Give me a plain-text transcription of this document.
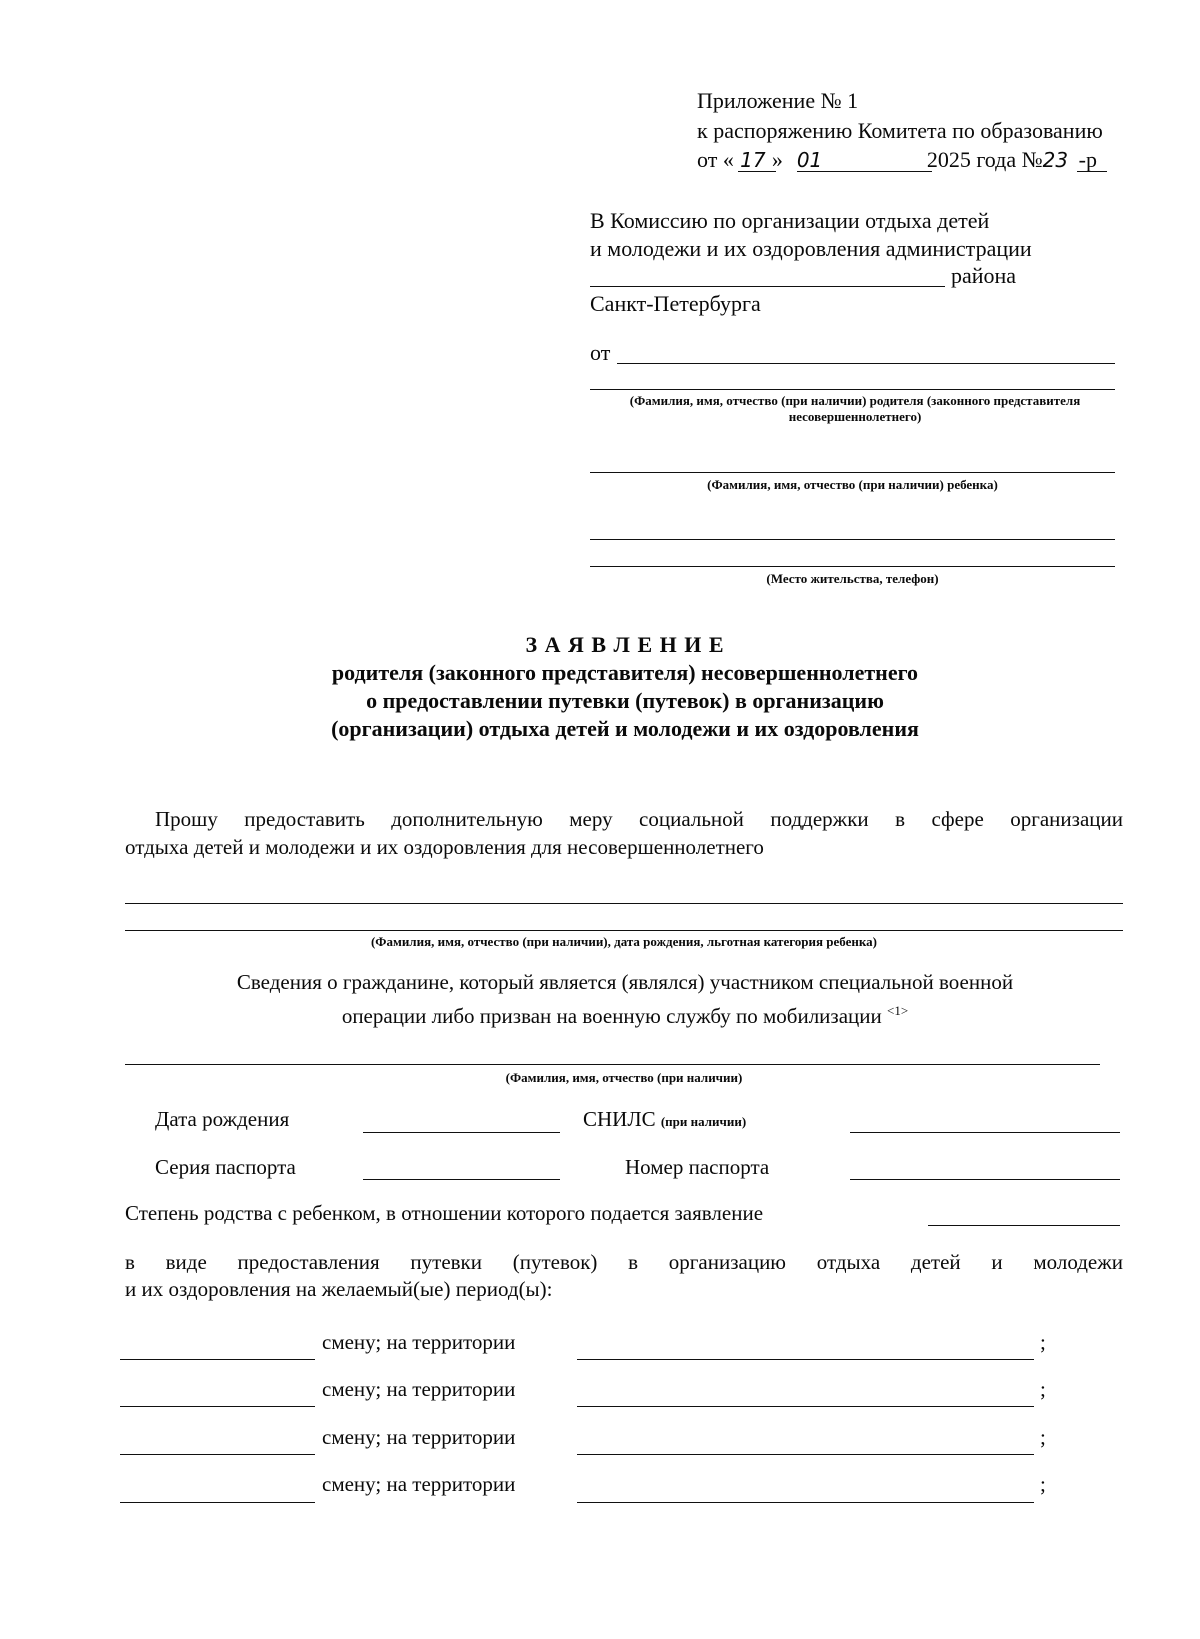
Приложение № 1
к распоряжению Комитета по образованию
от « 17 » 01	2025 года №23 -р
В Комиссию по организации отдыха детей
и молодежи и их оздоровления администрации
района
Санкт-Петербурга
от
(Фамилия, имя, отчество (при наличии) родителя (законного представителя
несовершеннолетнего)
(Фамилия, имя, отчество (при наличии) ребенка)
(Место жительства, телефон)
З А Я В Л Е Н И Е
родителя (законного представителя) несовершеннолетнего
о предоставлении путевки (путевок) в организацию
(организации) отдыха детей и молодежи и их оздоровления
Прошу предоставить дополнительную меру социальной поддержки в сфере организации
отдыха детей и молодежи и их оздоровления для несовершеннолетнего
(Фамилия, имя, отчество (при наличии), дата рождения, льготная категория ребенка)
Сведения о гражданине, который является (являлся) участником специальной военной
операции либо призван на военную службу по мобилизации $^{<1>}$
(Фамилия, имя, отчество (при наличии)
Дата рождения	СНИЛС (при наличии)
Серия паспорта	Номер паспорта
Степень родства с ребенком, в отношении которого подается заявление
в виде предоставления путевки (путевок) в организацию отдыха детей и молодежи
и их оздоровления на желаемый(ые) период(ы):
смену; на территории	;
смену; на территории	;
смену; на территории	;
смену; на территории	;
